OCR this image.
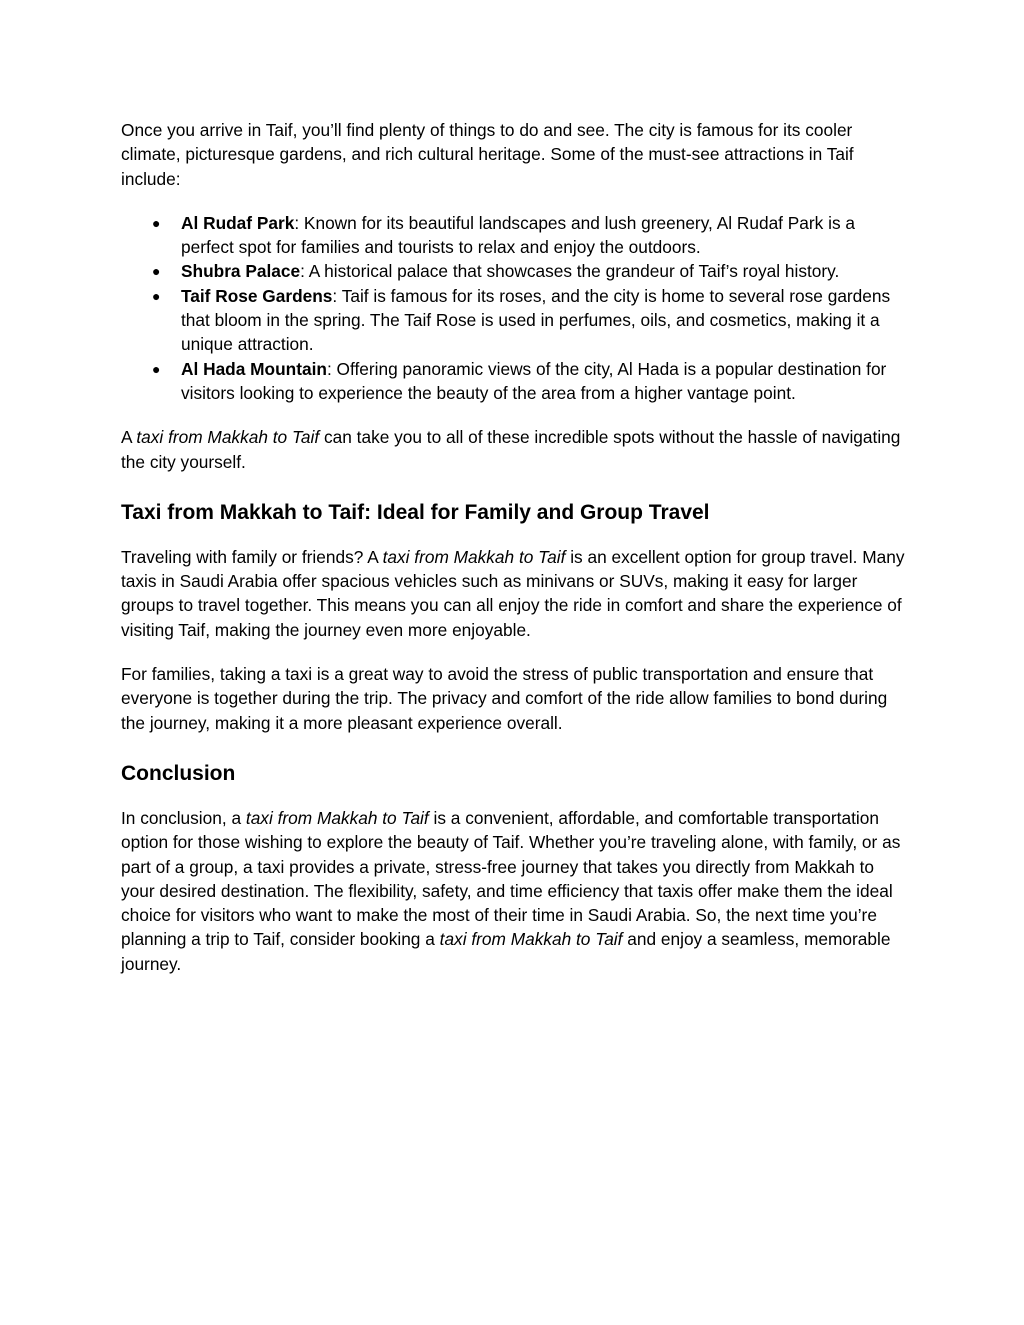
Once you arrive in Taif, you’ll find plenty of things to do and see. The city is famous for its cooler climate, picturesque gardens, and rich cultural heritage. Some of the must-see attractions in Taif include:

● Al Rudaf Park: Known for its beautiful landscapes and lush greenery, Al Rudaf Park is a perfect spot for families and tourists to relax and enjoy the outdoors.
● Shubra Palace: A historical palace that showcases the grandeur of Taif’s royal history.
● Taif Rose Gardens: Taif is famous for its roses, and the city is home to several rose gardens that bloom in the spring. The Taif Rose is used in perfumes, oils, and cosmetics, making it a unique attraction.
● Al Hada Mountain: Offering panoramic views of the city, Al Hada is a popular destination for visitors looking to experience the beauty of the area from a higher vantage point.

A taxi from Makkah to Taif can take you to all of these incredible spots without the hassle of navigating the city yourself.

Taxi from Makkah to Taif: Ideal for Family and Group Travel

Traveling with family or friends? A taxi from Makkah to Taif is an excellent option for group travel. Many taxis in Saudi Arabia offer spacious vehicles such as minivans or SUVs, making it easy for larger groups to travel together. This means you can all enjoy the ride in comfort and share the experience of visiting Taif, making the journey even more enjoyable.

For families, taking a taxi is a great way to avoid the stress of public transportation and ensure that everyone is together during the trip. The privacy and comfort of the ride allow families to bond during the journey, making it a more pleasant experience overall.

Conclusion

In conclusion, a taxi from Makkah to Taif is a convenient, affordable, and comfortable transportation option for those wishing to explore the beauty of Taif. Whether you’re traveling alone, with family, or as part of a group, a taxi provides a private, stress-free journey that takes you directly from Makkah to your desired destination. The flexibility, safety, and time efficiency that taxis offer make them the ideal choice for visitors who want to make the most of their time in Saudi Arabia. So, the next time you’re planning a trip to Taif, consider booking a taxi from Makkah to Taif and enjoy a seamless, memorable journey.
